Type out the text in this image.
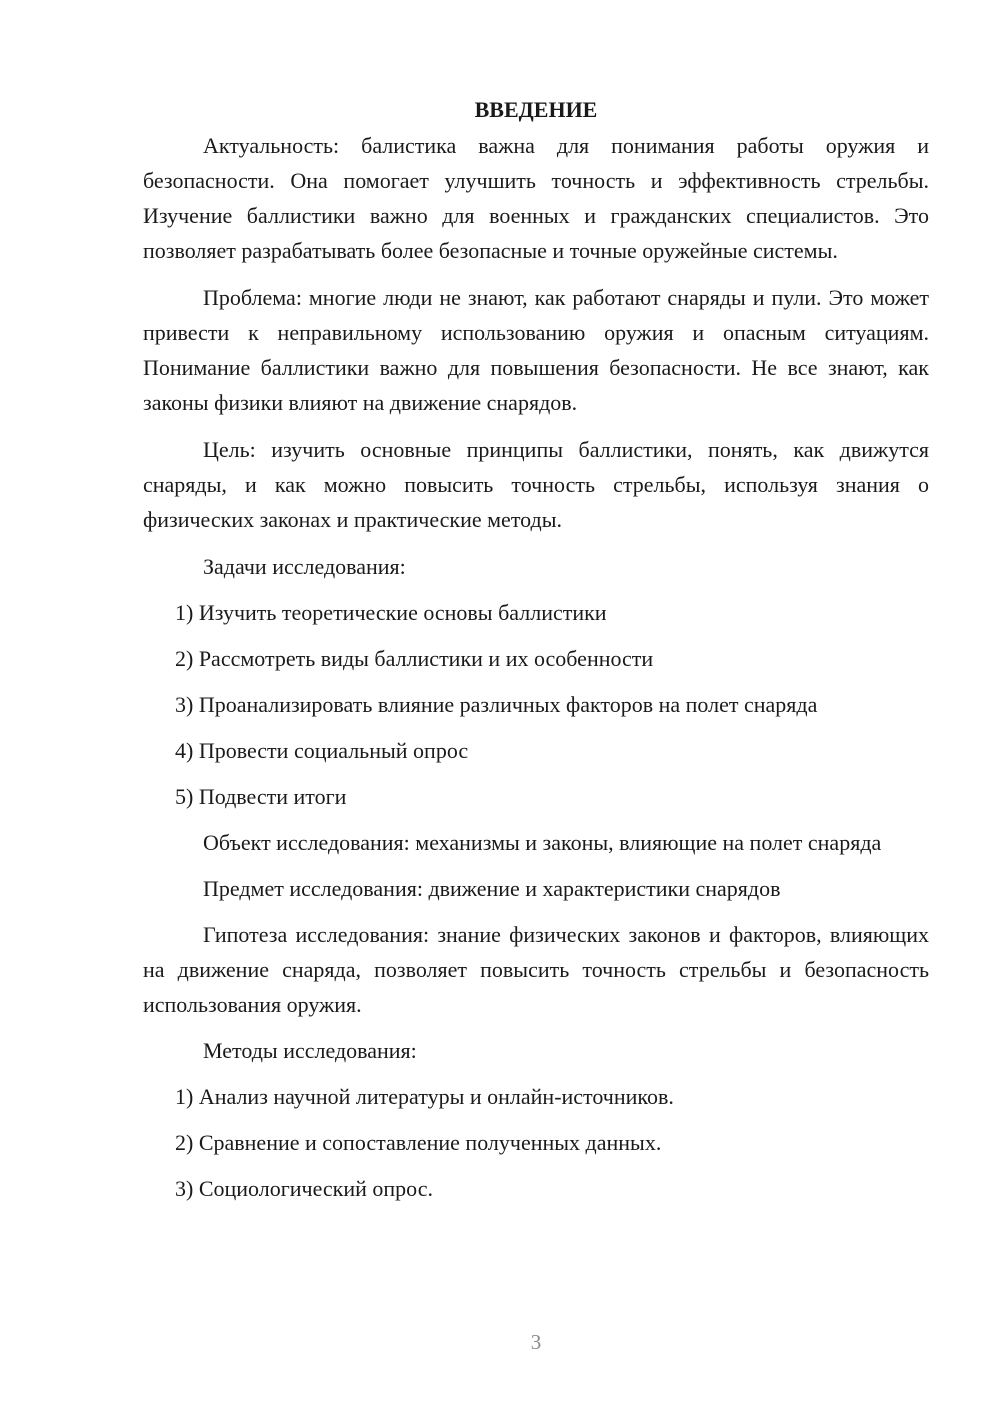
ВВЕДЕНИЕ

Актуальность: балистика важна для понимания работы оружия и безопасности. Она помогает улучшить точность и эффективность стрельбы. Изучение баллистики важно для военных и гражданских специалистов. Это позволяет разрабатывать более безопасные и точные оружейные системы.

Проблема: многие люди не знают, как работают снаряды и пули. Это может привести к неправильному использованию оружия и опасным ситуациям. Понимание баллистики важно для повышения безопасности. Не все знают, как законы физики влияют на движение снарядов.

Цель: изучить основные принципы баллистики, понять, как движутся снаряды, и как можно повысить точность стрельбы, используя знания о физических законах и практические методы.

Задачи исследования:

1) Изучить теоретические основы баллистики

2) Рассмотреть виды баллистики и их особенности

3) Проанализировать влияние различных факторов на полет снаряда

4) Провести социальный опрос

5) Подвести итоги

Объект исследования: механизмы и законы, влияющие на полет снаряда

Предмет исследования: движение и характеристики снарядов

Гипотеза исследования: знание физических законов и факторов, влияющих на движение снаряда, позволяет повысить точность стрельбы и безопасность использования оружия.

Методы исследования:

1) Анализ научной литературы и онлайн-источников.

2) Сравнение и сопоставление полученных данных.

3) Социологический опрос.

3
